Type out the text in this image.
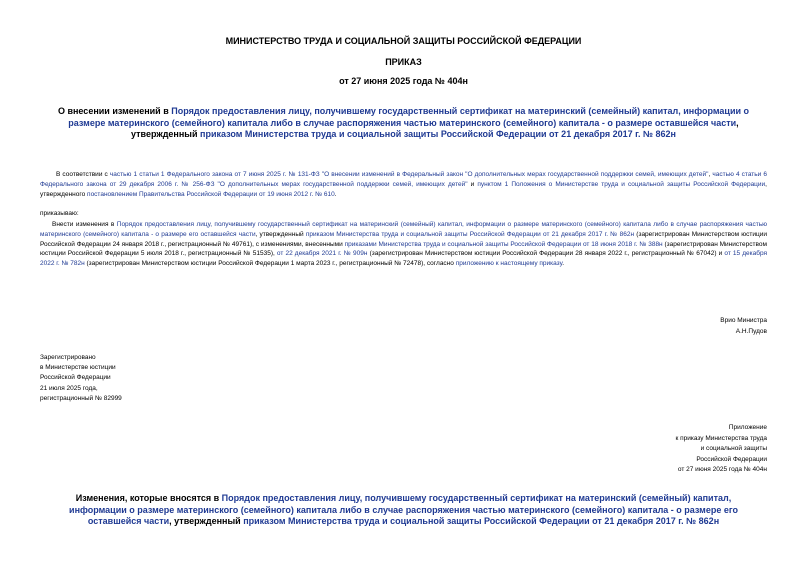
МИНИСТЕРСТВО ТРУДА И СОЦИАЛЬНОЙ ЗАЩИТЫ РОССИЙСКОЙ ФЕДЕРАЦИИ
ПРИКАЗ
от 27 июня 2025 года № 404н
О внесении изменений в Порядок предоставления лицу, получившему государственный сертификат на материнский (семейный) капитал, информации о размере материнского (семейного) капитала либо в случае распоряжения частью материнского (семейного) капитала - о размере оставшейся части, утвержденный приказом Министерства труда и социальной защиты Российской Федерации от 21 декабря 2017 г. № 862н
В соответствии с частью 1 статьи 1 Федерального закона от 7 июня 2025 г. № 131-ФЗ "О внесении изменений в Федеральный закон "О дополнительных мерах государственной поддержки семей, имеющих детей", частью 4 статьи 6 Федерального закона от 29 декабря 2006 г. № 256-ФЗ "О дополнительных мерах государственной поддержки семей, имеющих детей" и пунктом 1 Положения о Министерстве труда и социальной защиты Российской Федерации, утвержденного постановлением Правительства Российской Федерации от 19 июня 2012 г. № 610.
приказываю:
Внести изменения в Порядок предоставления лицу, получившему государственный сертификат на материнский (семейный) капитал, информации о размере материнского (семейного) капитала либо в случае распоряжения частью материнского (семейного) капитала - о размере его оставшейся части, утвержденный приказом Министерства труда и социальной защиты Российской Федерации от 21 декабря 2017 г. № 862н (зарегистрирован Министерством юстиции Российской Федерации 24 января 2018 г., регистрационный № 49761), с изменениями, внесенными приказами Министерства труда и социальной защиты Российской Федерации от 18 июня 2018 г. № 388н (зарегистрирован Министерством юстиции Российской Федерации 5 июля 2018 г., регистрационный № 51535), от 22 декабря 2021 г. № 909н (зарегистрирован Министерством юстиции Российской Федерации 28 января 2022 г., регистрационный № 67042) и от 15 декабря 2022 г. № 782н (зарегистрирован Министерством юстиции Российской Федерации 1 марта 2023 г., регистрационный № 72478), согласно приложению к настоящему приказу.
Врио Министра
А.Н.Пудов
Зарегистрировано
в Министерстве юстиции
Российской Федерации
21 июля 2025 года,
регистрационный № 82999
Приложение
к приказу Министерства труда
и социальной защиты
Российской Федерации
от 27 июня 2025 года № 404н
Изменения, которые вносятся в Порядок предоставления лицу, получившему государственный сертификат на материнский (семейный) капитал, информации о размере материнского (семейного) капитала либо в случае распоряжения частью материнского (семейного) капитала - о размере его оставшейся части, утвержденный приказом Министерства труда и социальной защиты Российской Федерации от 21 декабря 2017 г. № 862н
